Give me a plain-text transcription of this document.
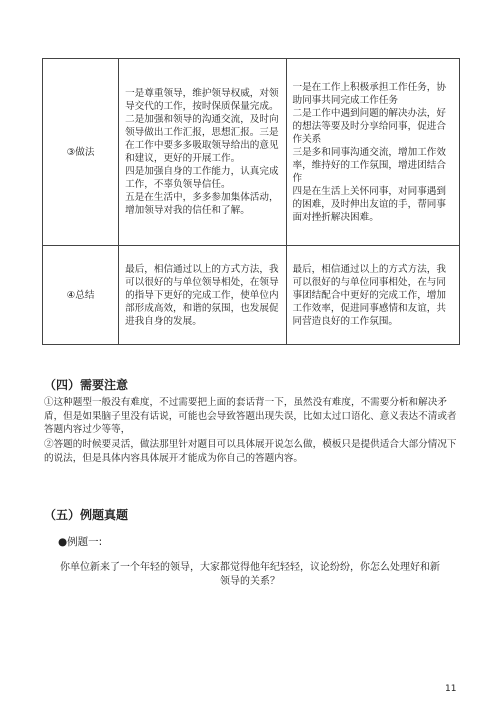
③做法	一是尊重领导，维护领导权威，对领导交代的工作，按时保质保量完成。
二是加强和领导的沟通交流，及时向领导做出工作汇报，思想汇报。三是在工作中要多多吸取领导给出的意见和建议，更好的开展工作。
四是加强自身的工作能力，认真完成工作，不辜负领导信任。
五是在生活中，多多参加集体活动，增加领导对我的信任和了解。	一是在工作上积极承担工作任务，协助同事共同完成工作任务
二是工作中遇到问题的解决办法，好的想法等要及时分享给同事，促进合作关系
三是多和同事沟通交流，增加工作效率，维持好的工作氛围，增进团结合作
四是在生活上关怀同事，对同事遇到的困难，及时伸出友谊的手，帮同事面对挫折解决困难。

④总结	最后，相信通过以上的方式方法，我可以很好的与单位领导相处，在领导的指导下更好的完成工作，使单位内部形成高效，和谐的氛围，也发展促进我自身的发展。	最后，相信通过以上的方式方法，我可以很好的与单位同事相处，在与同事团结配合中更好的完成工作，增加工作效率，促进同事感情和友谊，共同营造良好的工作氛围。
（四）需要注意
①这种题型一般没有难度，不过需要把上面的套话背一下，虽然没有难度，不需要分析和解决矛盾，但是如果脑子里没有话说，可能也会导致答题出现失误，比如太过口语化、意义表达不清或者答题内容过少等等，
②答题的时候要灵活，做法那里针对题目可以具体展开说怎么做，模板只是提供适合大部分情况下的说法，但是具体内容具体展开才能成为你自己的答题内容。
（五）例题真题
●例题一:
你单位新来了一个年轻的领导，大家都觉得他年纪轻轻，议论纷纷，你怎么处理好和新领导的关系？
11
